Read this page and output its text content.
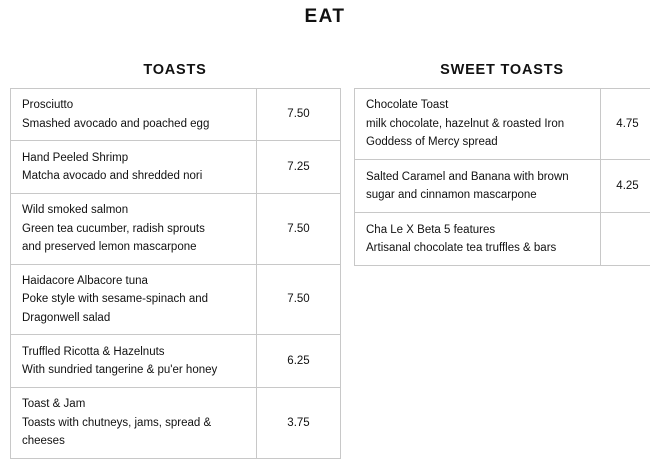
EAT
TOASTS	SWEET TOASTS
Prosciutto
Smashed avocado and poached egg	7.50

Hand Peeled Shrimp
Matcha avocado and shredded nori	7.25

Wild smoked salmon
Green tea cucumber, radish sprouts
and preserved lemon mascarpone	7.50

Haidacore Albacore tuna
Poke style with sesame-spinach and
Dragonwell salad	7.50

Truffled Ricotta & Hazelnuts
With sundried tangerine & pu'er honey	6.25

Toast & Jam
Toasts with chutneys, jams, spread &
cheeses	3.75
Chocolate Toast
milk chocolate, hazelnut & roasted Iron
Goddess of Mercy spread	4.75

Salted Caramel and Banana with brown
sugar and cinnamon mascarpone	4.25

Cha Le X Beta 5 features
Artisanal chocolate tea truffles & bars	
